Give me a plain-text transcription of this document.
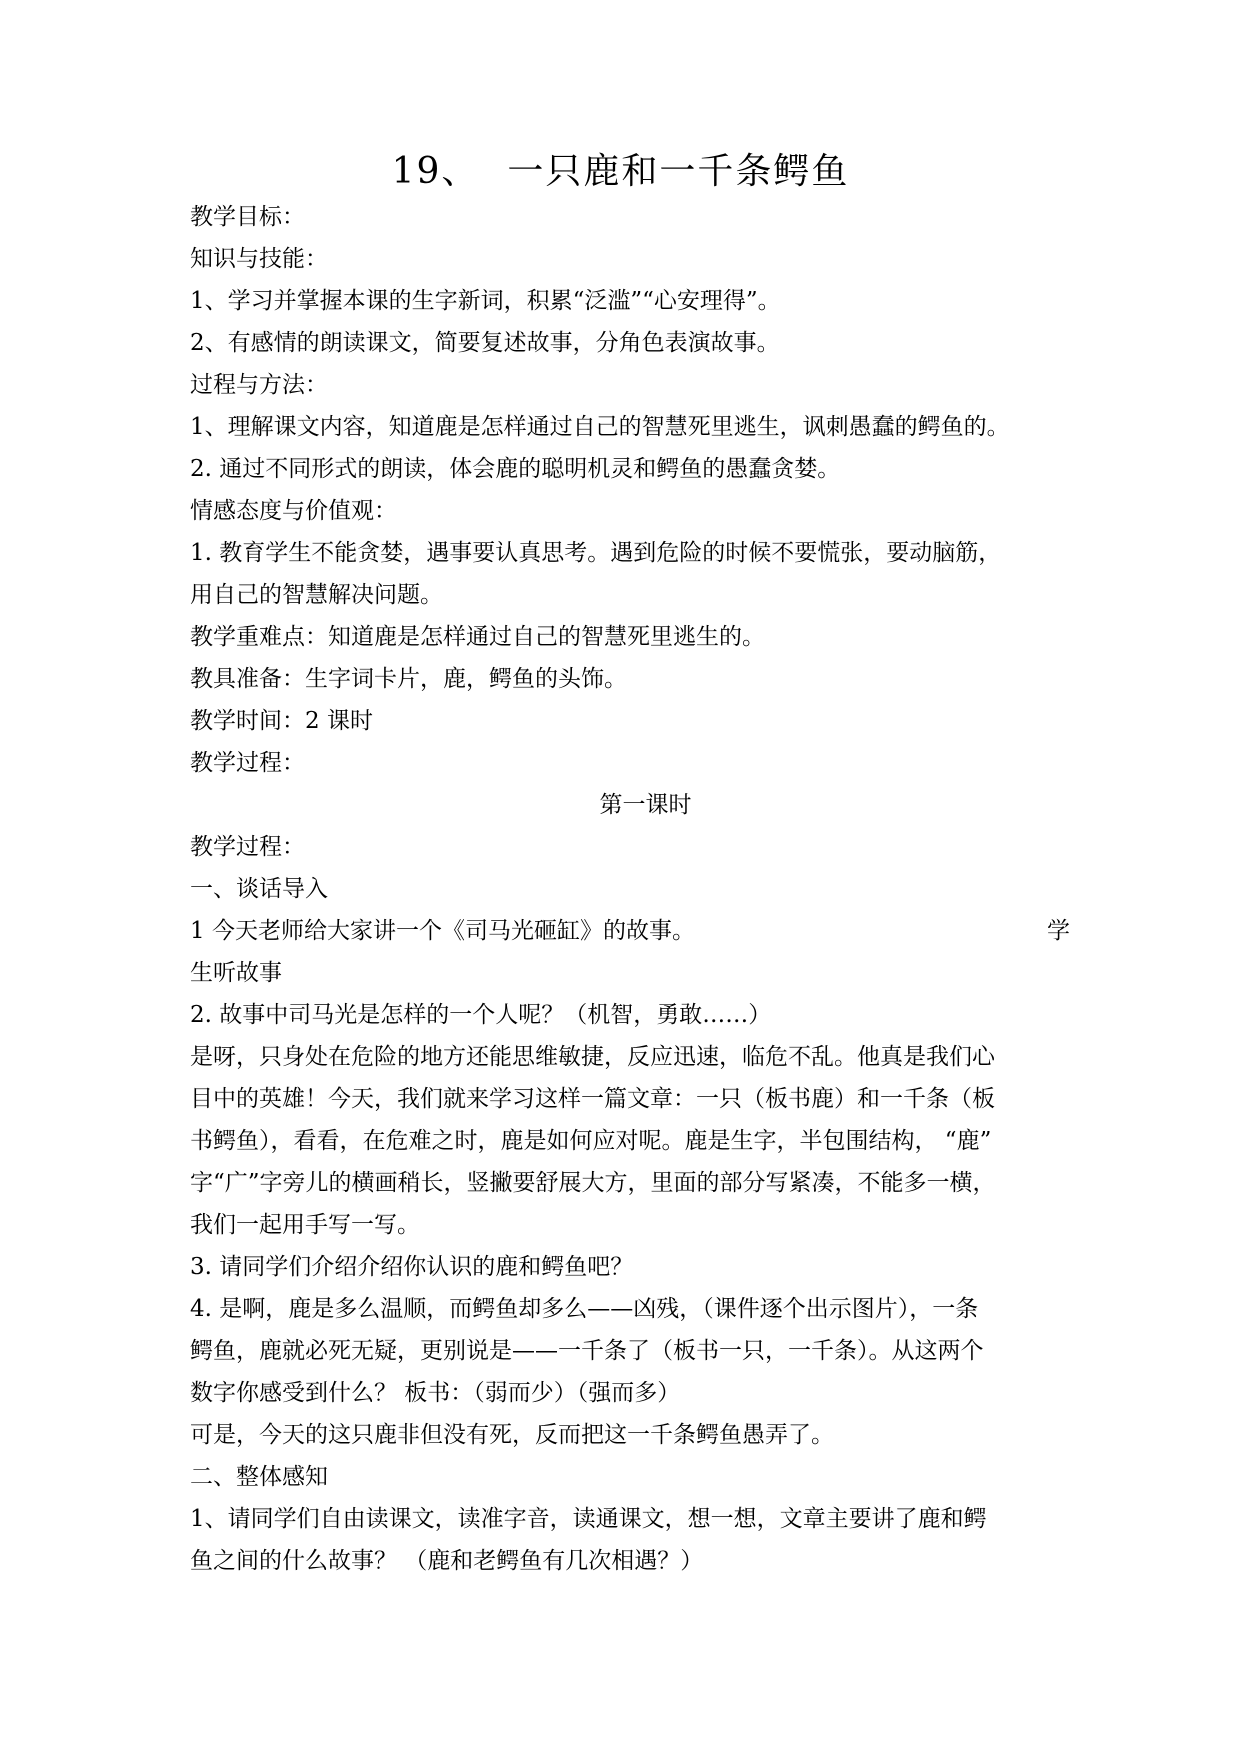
19、 一只鹿和一千条鳄鱼
教学目标：
知识与技能：
1、学习并掌握本课的生字新词，积累“泛滥”“心安理得”。
2、有感情的朗读课文，简要复述故事，分角色表演故事。
过程与方法：
1、理解课文内容，知道鹿是怎样通过自己的智慧死里逃生，讽刺愚蠢的鳄鱼的。
2. 通过不同形式的朗读，体会鹿的聪明机灵和鳄鱼的愚蠢贪婪。
情感态度与价值观：
1. 教育学生不能贪婪，遇事要认真思考。遇到危险的时候不要慌张，要动脑筋，
用自己的智慧解决问题。
教学重难点：知道鹿是怎样通过自己的智慧死里逃生的。
教具准备：生字词卡片，鹿，鳄鱼的头饰。
教学时间：2 课时
教学过程：
第一课时
教学过程：
一、谈话导入
1 今天老师给大家讲一个《司马光砸缸》的故事。	学
生听故事
2. 故事中司马光是怎样的一个人呢？（机智，勇敢……）
是呀，只身处在危险的地方还能思维敏捷，反应迅速，临危不乱。他真是我们心
目中的英雄！今天，我们就来学习这样一篇文章：一只（板书鹿）和一千条（板
书鳄鱼），看看，在危难之时，鹿是如何应对呢。鹿是生字，半包围结构， “鹿”
字“广”字旁儿的横画稍长，竖撇要舒展大方，里面的部分写紧凑，不能多一横，
我们一起用手写一写。
3. 请同学们介绍介绍你认识的鹿和鳄鱼吧？
4. 是啊，鹿是多么温顺，而鳄鱼却多么——凶残，（课件逐个出示图片），一条
鳄鱼，鹿就必死无疑，更别说是——一千条了（板书一只，一千条）。从这两个
数字你感受到什么？ 板书：（弱而少）（强而多）
可是，今天的这只鹿非但没有死，反而把这一千条鳄鱼愚弄了。
二、整体感知
1、请同学们自由读课文，读准字音，读通课文，想一想，文章主要讲了鹿和鳄
鱼之间的什么故事？ （鹿和老鳄鱼有几次相遇？）
